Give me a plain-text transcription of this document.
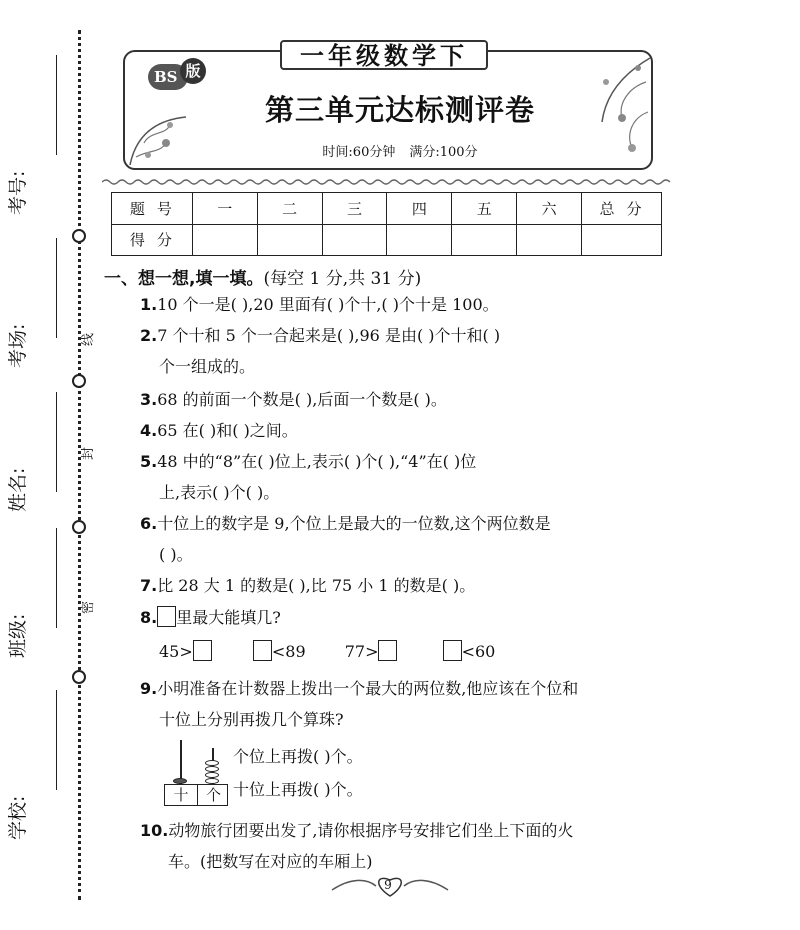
线
封
密
考号:
考场:
姓名:
班级:
学校:
一年级数学下
BS 版
第三单元达标测评卷
时间:60分钟 满分:100分
题号	一	二	三	四	五	六	总分
得分							
一、想一想,填一填。(每空 1 分,共 31 分)
1.10 个一是( ),20 里面有( )个十,( )个十是 100。
2.7 个十和 5 个一合起来是( ),96 是由( )个十和( )
个一组成的。
3.68 的前面一个数是( ),后面一个数是( )。
4.65 在( )和( )之间。
5.48 中的“8”在( )位上,表示( )个( ),“4”在( )位
上,表示( )个( )。
6.十位上的数字是 9,个位上是最大的一位数,这个两位数是
( )。
7.比 28 大 1 的数是( ),比 75 小 1 的数是( )。
8. 里最大能填几?
45>	<89 77>	<60
9.小明准备在计数器上拨出一个最大的两位数,他应该在个位和
十位上分别再拨几个算珠?
十	个
个位上再拨( )个。
十位上再拨( )个。
10.动物旅行团要出发了,请你根据序号安排它们坐上下面的火
车。(把数写在对应的车厢上)
9
